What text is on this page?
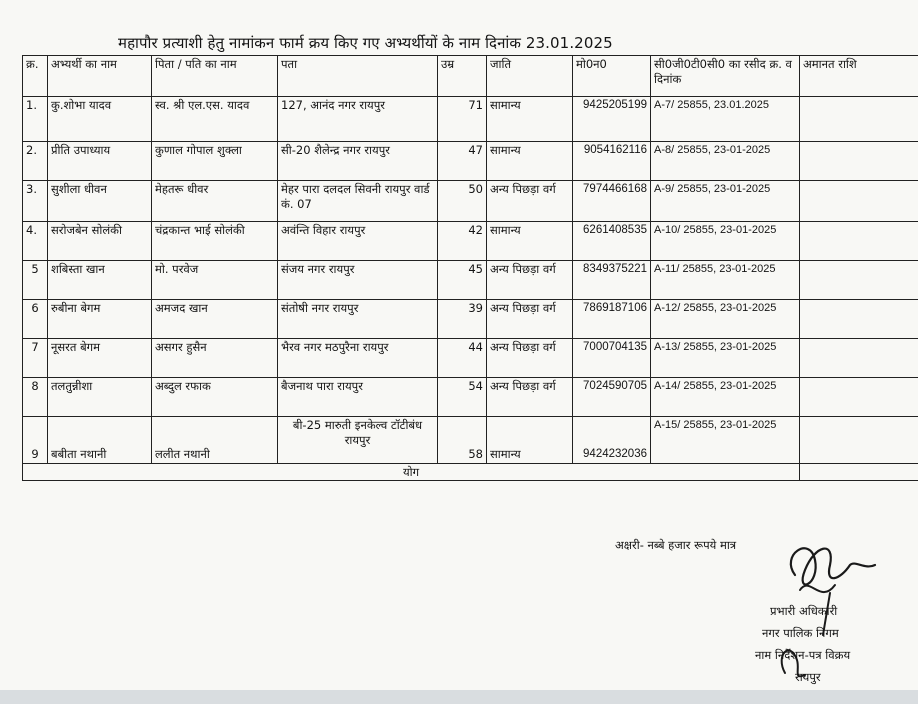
महापौर प्रत्याशी हेतु नामांकन फार्म क्रय किए गए अभ्यर्थीयों के नाम दिनांक 23.01.2025
क्र.	अभ्यर्थी का नाम	पिता / पति का नाम	पता	उम्र	जाति	मो0न0	सी0जी0टी0सी0 का रसीद क्र. व दिनांक	अमानत राशि
1.	कु.शोभा यादव	स्व. श्री एल.एस. यादव	127, आनंद नगर रायपुर	71	सामान्य	9425205199	A-7/ 25855, 23.01.2025	
2.	प्रीति उपाध्याय	कुणाल गोपाल शुक्ला	सी-20 शैलेन्द्र नगर रायपुर	47	सामान्य	9054162116	A-8/ 25855, 23-01-2025	
3.	सुशीला धीवन	मेहतरू धीवर	मेहर पारा दलदल सिवनी रायपुर वार्ड कं. 07	50	अन्य पिछड़ा वर्ग	7974466168	A-9/ 25855, 23-01-2025	
4.	सरोजबेन सोलंकी	चंद्रकान्त भाई सोलंकी	अवंन्ति विहार रायपुर	42	सामान्य	6261408535	A-10/ 25855, 23-01-2025	
5	शबिस्ता खान	मो. परवेज	संजय नगर रायपुर	45	अन्य पिछड़ा वर्ग	8349375221	A-11/ 25855, 23-01-2025	
6	रुबीना बेगम	अमजद खान	संतोषी नगर रायपुर	39	अन्य पिछड़ा वर्ग	7869187106	A-12/ 25855, 23-01-2025	
7	नूसरत बेगम	असगर हुसैन	भैरव नगर मठपुरैना रायपुर	44	अन्य पिछड़ा वर्ग	7000704135	A-13/ 25855, 23-01-2025	
8	तलतुन्नीशा	अब्दुल रफाक	बैजनाथ पारा रायपुर	54	अन्य पिछड़ा वर्ग	7024590705	A-14/ 25855, 23-01-2025	
9	बबीता नथानी	ललीत नथानी	बी-25 मारुती इनकेल्व टॉटीबंध रायपुर	58	सामान्य	9424232036	A-15/ 25855, 23-01-2025	
योग								
अक्षरी- नब्बे हजार रूपये मात्र
प्रभारी अधिकारी
नगर पालिक निगम
नाम निर्देशन-पत्र विक्रय
रायपुर
